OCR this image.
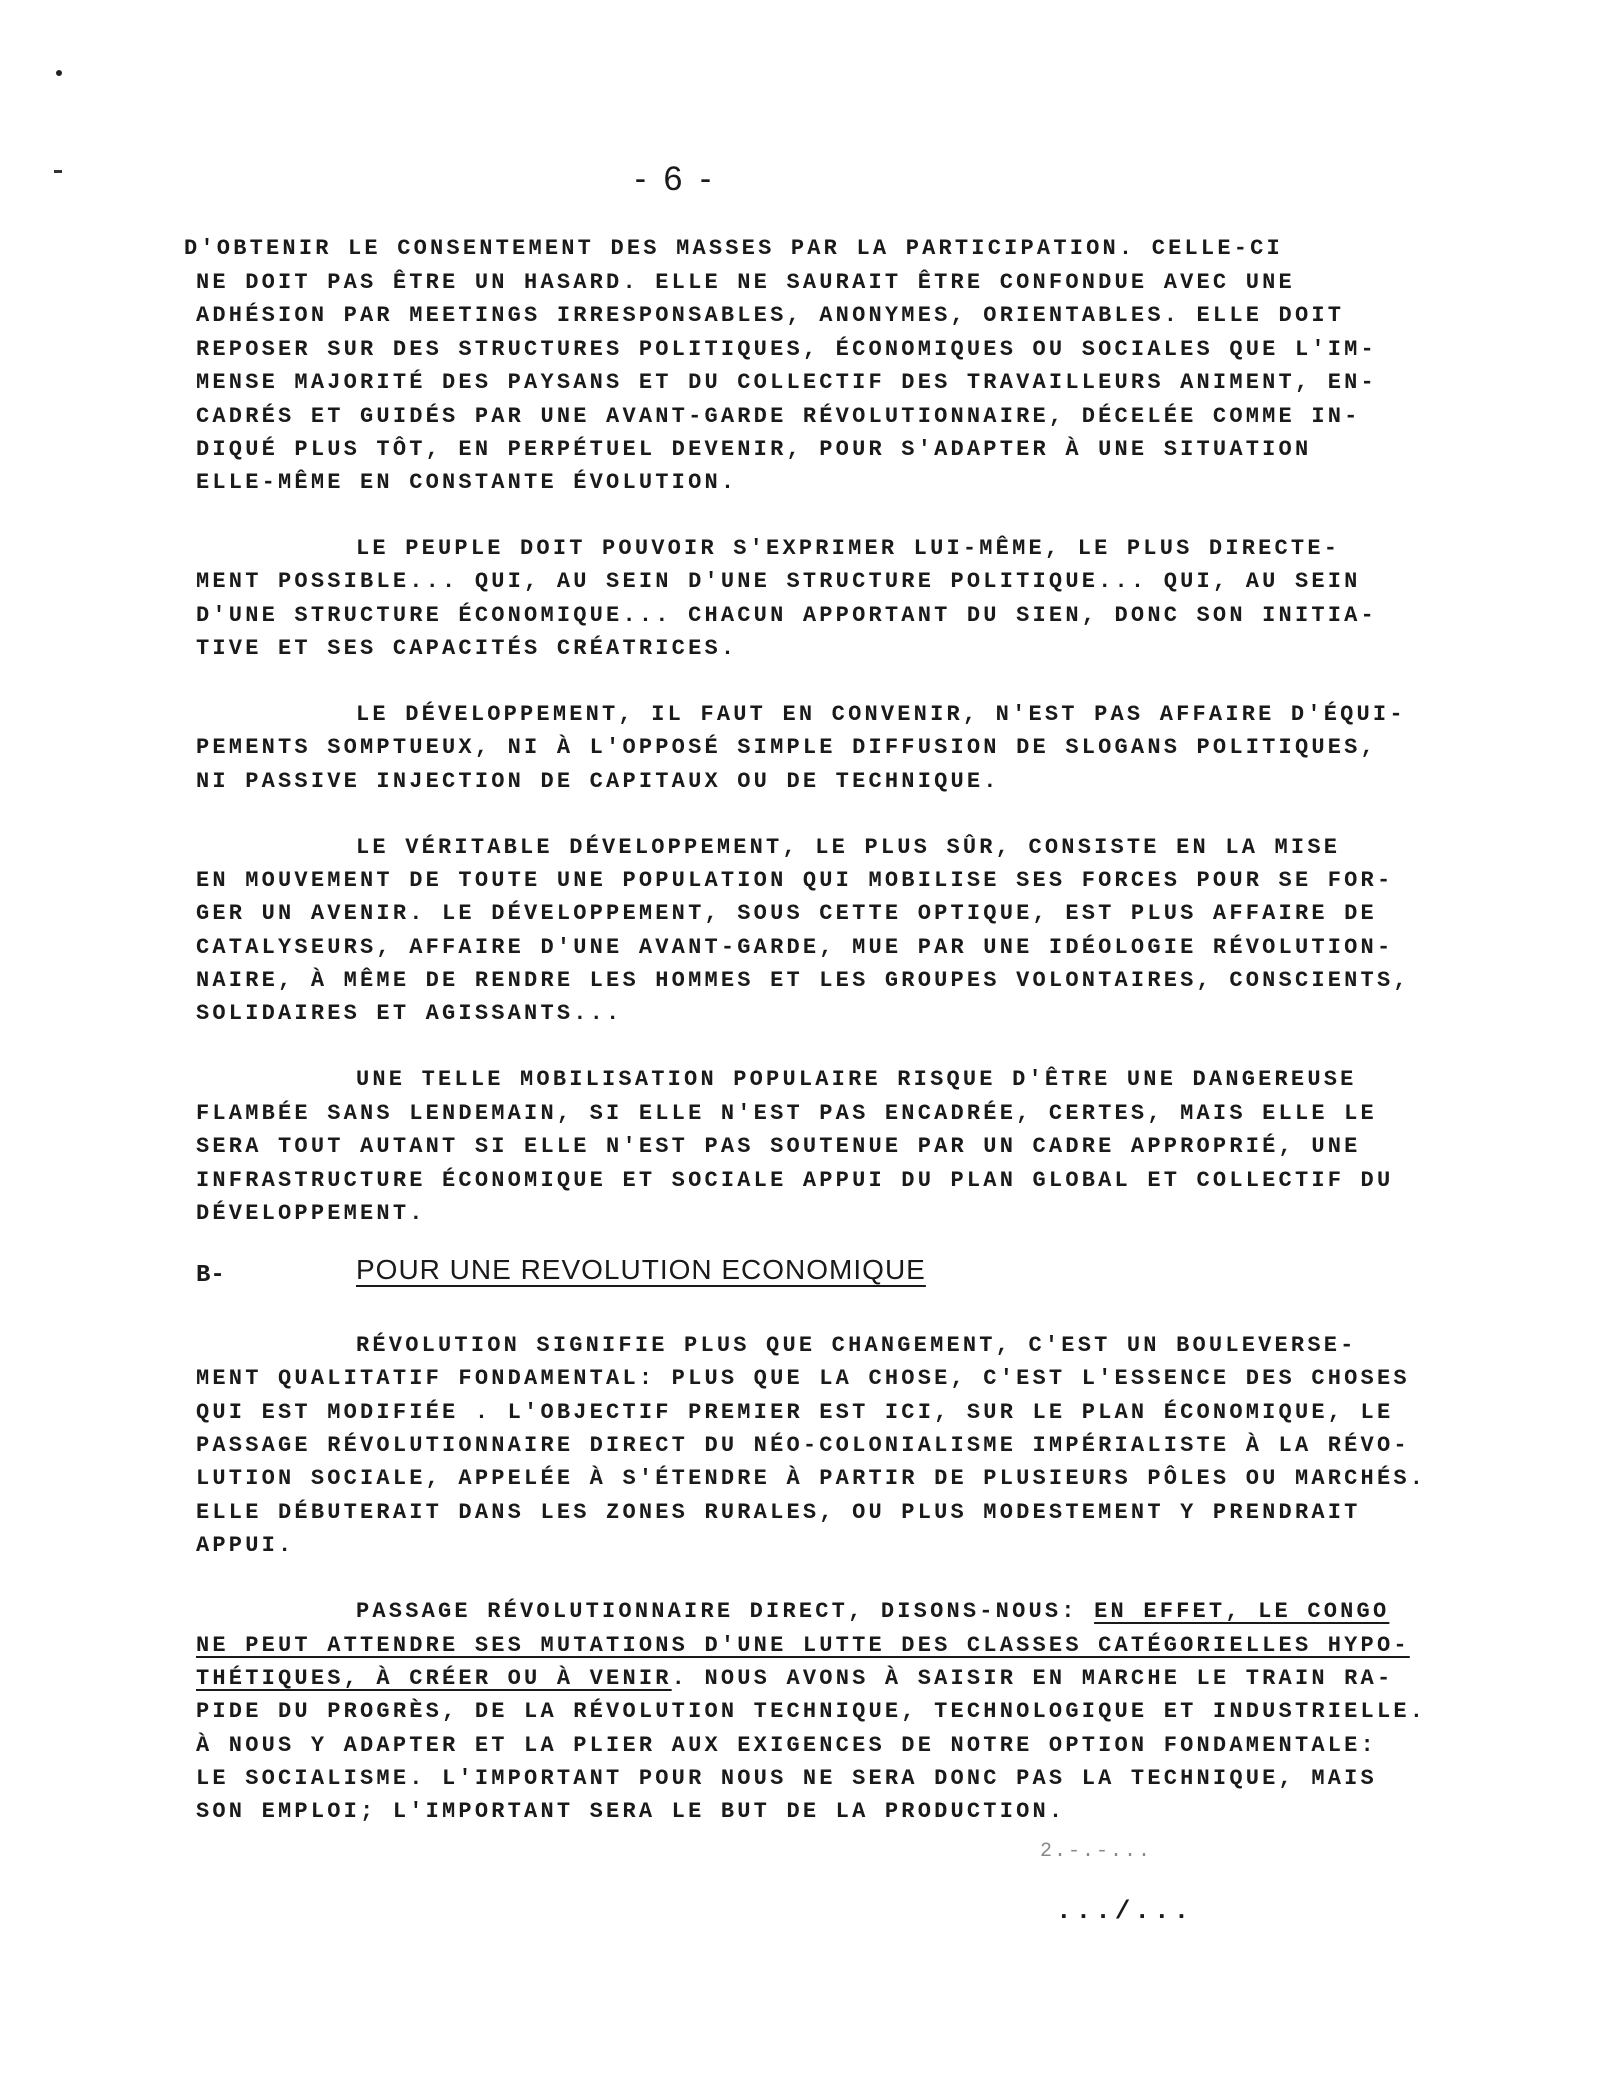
- 6 -
D'OBTENIR LE CONSENTEMENT DES MASSES PAR LA PARTICIPATION. CELLE-CI
NE DOIT PAS ÊTRE UN HASARD. ELLE NE SAURAIT ÊTRE CONFONDUE AVEC UNE
ADHÉSION PAR MEETINGS IRRESPONSABLES, ANONYMES, ORIENTABLES. ELLE DOIT
REPOSER SUR DES STRUCTURES POLITIQUES, ÉCONOMIQUES OU SOCIALES QUE L'IM-
MENSE MAJORITÉ DES PAYSANS ET DU COLLECTIF DES TRAVAILLEURS ANIMENT, EN-
CADRÉS ET GUIDÉS PAR UNE AVANT-GARDE RÉVOLUTIONNAIRE, DÉCELÉE COMME IN-
DIQUÉ PLUS TÔT, EN PERPÉTUEL DEVENIR, POUR S'ADAPTER À UNE SITUATION
ELLE-MÊME EN CONSTANTE ÉVOLUTION.
LE PEUPLE DOIT POUVOIR S'EXPRIMER LUI-MÊME, LE PLUS DIRECTE-
MENT POSSIBLE... QUI, AU SEIN D'UNE STRUCTURE POLITIQUE... QUI, AU SEIN
D'UNE STRUCTURE ÉCONOMIQUE... CHACUN APPORTANT DU SIEN, DONC SON INITIA-
TIVE ET SES CAPACITÉS CRÉATRICES.
LE DÉVELOPPEMENT, IL FAUT EN CONVENIR, N'EST PAS AFFAIRE D'ÉQUI-
PEMENTS SOMPTUEUX, NI À L'OPPOSÉ SIMPLE DIFFUSION DE SLOGANS POLITIQUES,
NI PASSIVE INJECTION DE CAPITAUX OU DE TECHNIQUE.
LE VÉRITABLE DÉVELOPPEMENT, LE PLUS SÛR, CONSISTE EN LA MISE
EN MOUVEMENT DE TOUTE UNE POPULATION QUI MOBILISE SES FORCES POUR SE FOR-
GER UN AVENIR. LE DÉVELOPPEMENT, SOUS CETTE OPTIQUE, EST PLUS AFFAIRE DE
CATALYSEURS, AFFAIRE D'UNE AVANT-GARDE, MUE PAR UNE IDÉOLOGIE RÉVOLUTION-
NAIRE, À MÊME DE RENDRE LES HOMMES ET LES GROUPES VOLONTAIRES, CONSCIENTS,
SOLIDAIRES ET AGISSANTS...
UNE TELLE MOBILISATION POPULAIRE RISQUE D'ÊTRE UNE DANGEREUSE
FLAMBÉE SANS LENDEMAIN, SI ELLE N'EST PAS ENCADRÉE, CERTES, MAIS ELLE LE
SERA TOUT AUTANT SI ELLE N'EST PAS SOUTENUE PAR UN CADRE APPROPRIÉ, UNE
INFRASTRUCTURE ÉCONOMIQUE ET SOCIALE APPUI DU PLAN GLOBAL ET COLLECTIF DU
DÉVELOPPEMENT.
B-	POUR UNE REVOLUTION ECONOMIQUE
RÉVOLUTION SIGNIFIE PLUS QUE CHANGEMENT, C'EST UN BOULEVERSE-
MENT QUALITATIF FONDAMENTAL: PLUS QUE LA CHOSE, C'EST L'ESSENCE DES CHOSES
QUI EST MODIFIÉE . L'OBJECTIF PREMIER EST ICI, SUR LE PLAN ÉCONOMIQUE, LE
PASSAGE RÉVOLUTIONNAIRE DIRECT DU NÉO-COLONIALISME IMPÉRIALISTE À LA RÉVO-
LUTION SOCIALE, APPELÉE À S'ÉTENDRE À PARTIR DE PLUSIEURS PÔLES OU MARCHÉS.
ELLE DÉBUTERAIT DANS LES ZONES RURALES, OU PLUS MODESTEMENT Y PRENDRAIT
APPUI.
PASSAGE RÉVOLUTIONNAIRE DIRECT, DISONS-NOUS: EN EFFET, LE CONGO
NE PEUT ATTENDRE SES MUTATIONS D'UNE LUTTE DES CLASSES CATÉGORIELLES HYPO-
THÉTIQUES, À CRÉER OU À VENIR. NOUS AVONS À SAISIR EN MARCHE LE TRAIN RA-
PIDE DU PROGRÈS, DE LA RÉVOLUTION TECHNIQUE, TECHNOLOGIQUE ET INDUSTRIELLE.
À NOUS Y ADAPTER ET LA PLIER AUX EXIGENCES DE NOTRE OPTION FONDAMENTALE:
LE SOCIALISME. L'IMPORTANT POUR NOUS NE SERA DONC PAS LA TECHNIQUE, MAIS
SON EMPLOI; L'IMPORTANT SERA LE BUT DE LA PRODUCTION.
2.-.-...
.../...
